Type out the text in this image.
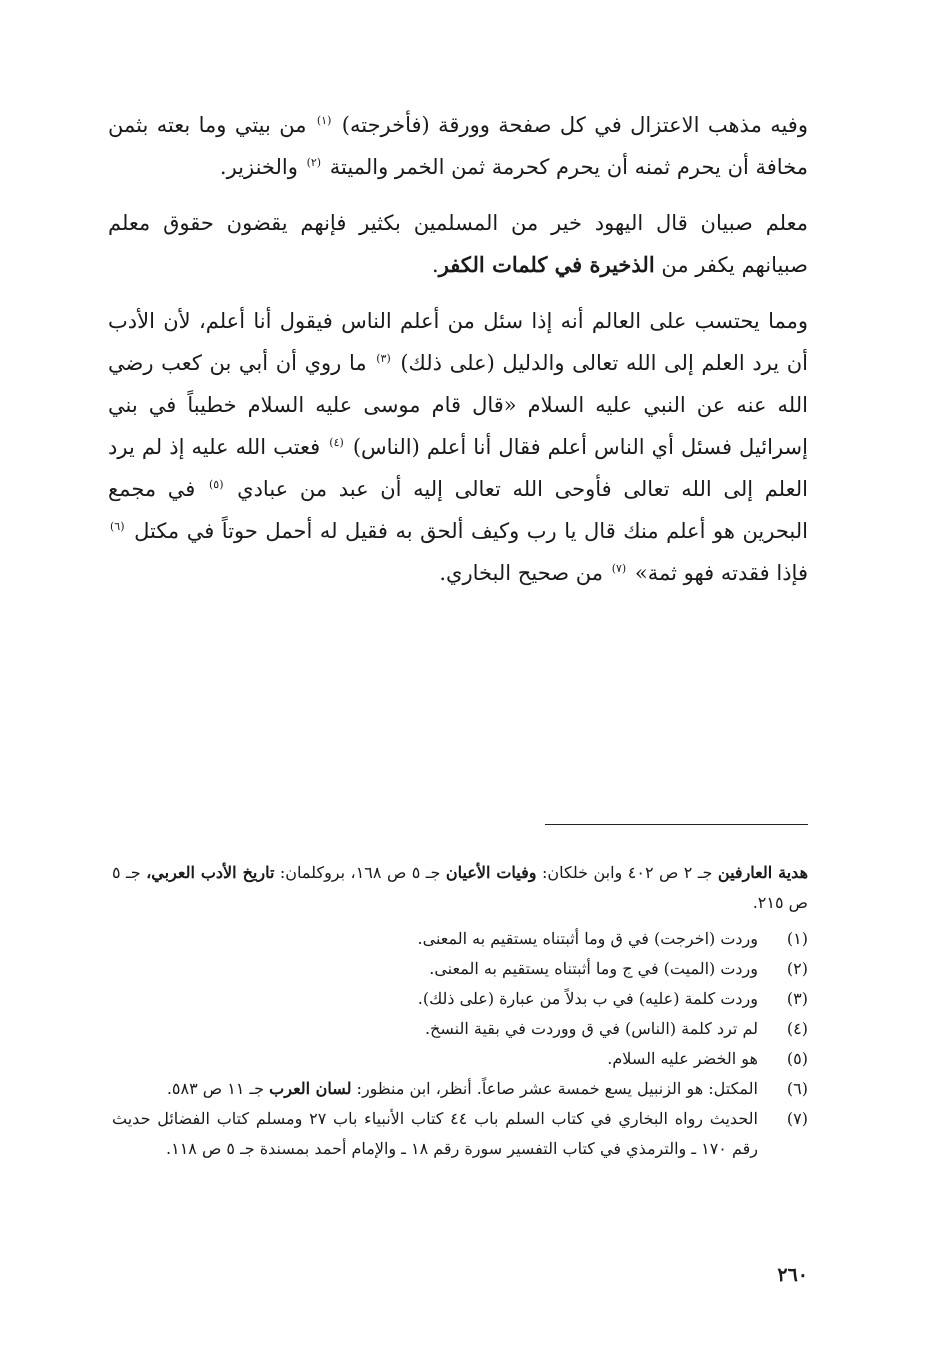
وفيه مذهب الاعتزال في كل صفحة وورقة (فأخرجته) $^{(١)}$ من بيتي وما بعته بثمن مخافة أن يحرم ثمنه أن يحرم كحرمة ثمن الخمر والميتة $^{(٢)}$ والخنزير.

معلم صبيان قال اليهود خير من المسلمين بكثير فإنهم يقضون حقوق معلم صبيانهم يكفر من الذخيرة في كلمات الكفر.

ومما يحتسب على العالم أنه إذا سئل من أعلم الناس فيقول أنا أعلم، لأن الأدب أن يرد العلم إلى الله تعالى والدليل (على ذلك) $^{(٣)}$ ما روي أن أبي بن كعب رضي الله عنه عن النبي عليه السلام «قال قام موسى عليه السلام خطيباً في بني إسرائيل فسئل أي الناس أعلم فقال أنا أعلم (الناس) $^{(٤)}$ فعتب الله عليه إذ لم يرد العلم إلى الله تعالى فأوحى الله تعالى إليه أن عبد من عبادي $^{(٥)}$ في مجمع البحرين هو أعلم منك قال يا رب وكيف ألحق به فقيل له أحمل حوتاً في مكتل $^{(٦)}$ فإذا فقدته فهو ثمة» $^{(٧)}$ من صحيح البخاري.

هدية العارفين جـ ٢ ص ٤٠٢ وابن خلكان: وفيات الأعيان جـ ٥ ص ١٦٨، بروكلمان: تاريخ الأدب العربي، جـ ٥ ص ٢١٥.

(١)
وردت (اخرجت) في ق وما أثبتناه يستقيم به المعنى.
(٢)
وردت (الميت) في ج وما أثبتناه يستقيم به المعنى.
(٣)
وردت كلمة (عليه) في ب بدلاً من عبارة (على ذلك).
(٤)
لم ترد كلمة (الناس) في ق ووردت في بقية النسخ.
(٥)
هو الخضر عليه السلام.
(٦)
المكتل: هو الزنبيل يسع خمسة عشر صاعاً. أنظر، ابن منظور: لسان العرب جـ ١١ ص ٥٨٣.
(٧)
الحديث رواه البخاري في كتاب السلم باب ٤٤ كتاب الأنبياء باب ٢٧ ومسلم كتاب الفضائل حديث رقم ١٧٠ ـ والترمذي في كتاب التفسير سورة رقم ١٨ ـ والإمام أحمد بمسندة جـ ٥ ص ١١٨.
٢٦٠
